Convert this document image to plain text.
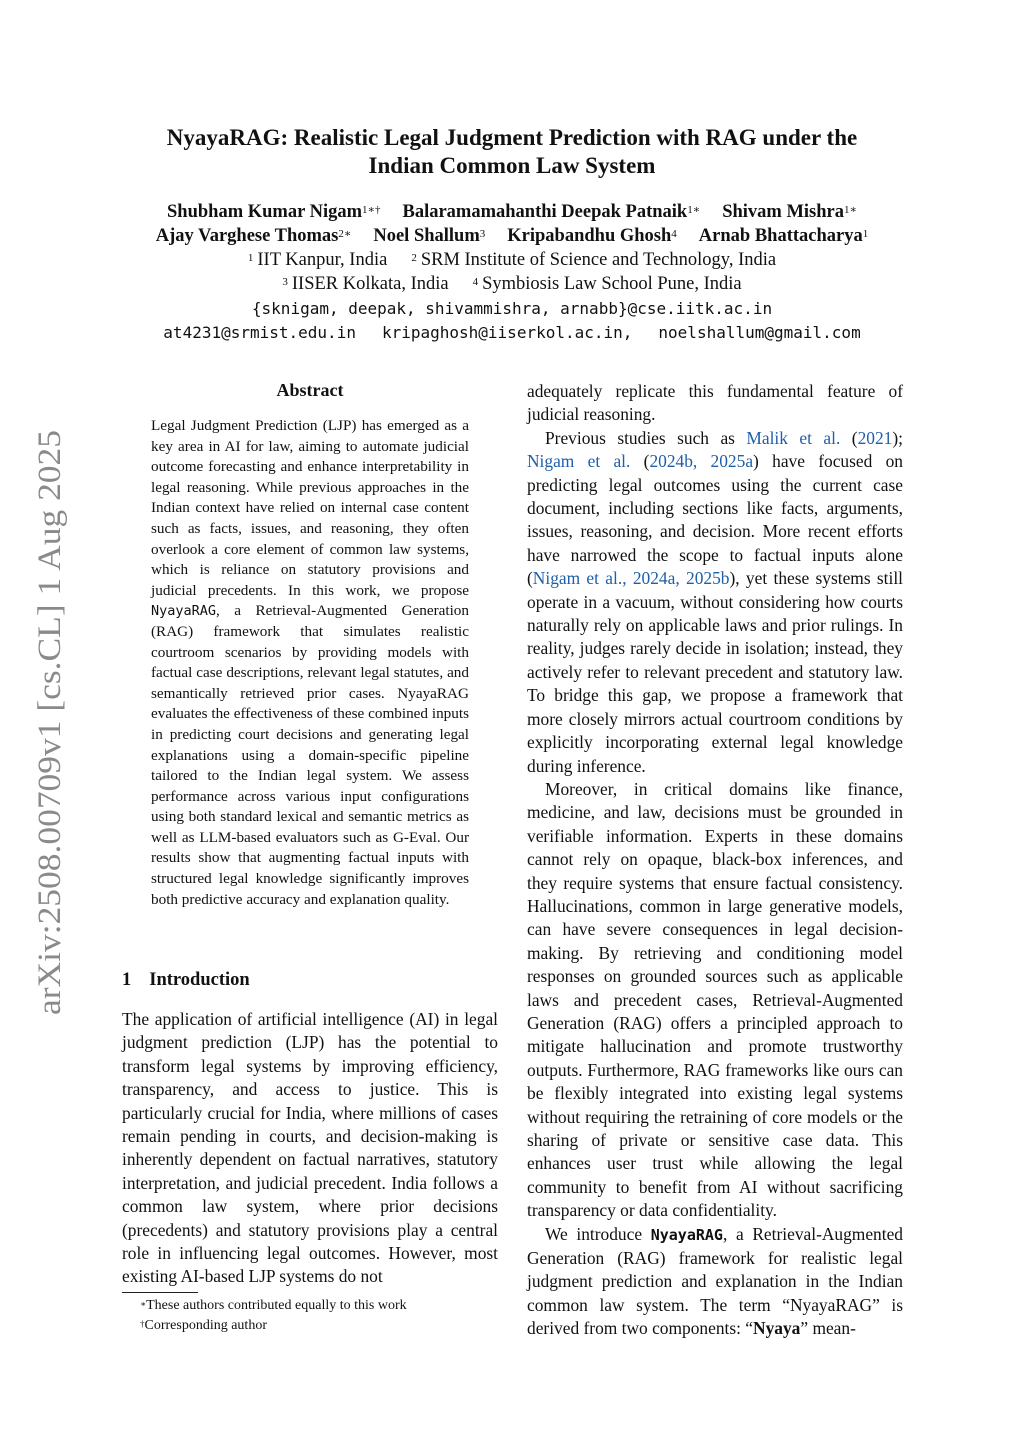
arXiv:2508.00709v1 [cs.CL] 1 Aug 2025
NyayaRAG: Realistic Legal Judgment Prediction with RAG under the
Indian Common Law System
Shubham Kumar Nigam$^{1∗\dagger}$ Balaramamahanthi Deepak Patnaik$^{1∗}$ Shivam Mishra$^{1∗}$
Ajay Varghese Thomas$^{2∗}$ Noel Shallum$^3$ Kripabandhu Ghosh$^4$ Arnab Bhattacharya$^1$
$^1$ IIT Kanpur, India $^2$ SRM Institute of Science and Technology, India
$^3$ IISER Kolkata, India $^4$ Symbiosis Law School Pune, India
{sknigam, deepak, shivammishra, arnabb}@cse.iitk.ac.in
at4231@srmist.edu.in kripaghosh@iiserkol.ac.in, noelshallum@gmail.com
Abstract
Legal Judgment Prediction (LJP) has emerged as a key area in AI for law, aiming to automate judicial outcome forecasting and enhance interpretability in legal reasoning. While previous approaches in the Indian context have relied on internal case content such as facts, issues, and reasoning, they often overlook a core element of common law systems, which is reliance on statutory provisions and judicial precedents. In this work, we propose NyayaRAG, a Retrieval-Augmented Generation (RAG) framework that simulates realistic courtroom scenarios by providing models with factual case descriptions, relevant legal statutes, and semantically retrieved prior cases. NyayaRAG evaluates the effectiveness of these combined inputs in predicting court decisions and generating legal explanations using a domain-specific pipeline tailored to the Indian legal system. We assess performance across various input configurations using both standard lexical and semantic metrics as well as LLM-based evaluators such as G-Eval. Our results show that augmenting factual inputs with structured legal knowledge significantly improves both predictive accuracy and explanation quality.
1 Introduction

The application of artificial intelligence (AI) in legal judgment prediction (LJP) has the potential to transform legal systems by improving efficiency, transparency, and access to justice. This is particularly crucial for India, where millions of cases remain pending in courts, and decision-making is inherently dependent on factual narratives, statutory interpretation, and judicial precedent. India follows a common law system, where prior decisions (precedents) and statutory provisions play a central role in influencing legal outcomes. However, most existing AI-based LJP systems do not

adequately replicate this fundamental feature of judicial reasoning.

Previous studies such as Malik et al. (2021); Nigam et al. (2024b, 2025a) have focused on predicting legal outcomes using the current case document, including sections like facts, arguments, issues, reasoning, and decision. More recent efforts have narrowed the scope to factual inputs alone (Nigam et al., 2024a, 2025b), yet these systems still operate in a vacuum, without considering how courts naturally rely on applicable laws and prior rulings. In reality, judges rarely decide in isolation; instead, they actively refer to relevant precedent and statutory law. To bridge this gap, we propose a framework that more closely mirrors actual courtroom conditions by explicitly incorporating external legal knowledge during inference.

Moreover, in critical domains like finance, medicine, and law, decisions must be grounded in verifiable information. Experts in these domains cannot rely on opaque, black-box inferences, and they require systems that ensure factual consistency. Hallucinations, common in large generative models, can have severe consequences in legal decision-making. By retrieving and conditioning model responses on grounded sources such as applicable laws and precedent cases, Retrieval-Augmented Generation (RAG) offers a principled approach to mitigate hallucination and promote trustworthy outputs. Furthermore, RAG frameworks like ours can be flexibly integrated into existing legal systems without requiring the retraining of core models or the sharing of private or sensitive case data. This enhances user trust while allowing the legal community to benefit from AI without sacrificing transparency or data confidentiality.

We introduce NyayaRAG, a Retrieval-Augmented Generation (RAG) framework for realistic legal judgment prediction and explanation in the Indian common law system. The term “NyayaRAG” is derived from two components: “Nyaya” mean-

∗These authors contributed equally to this work
†Corresponding author
